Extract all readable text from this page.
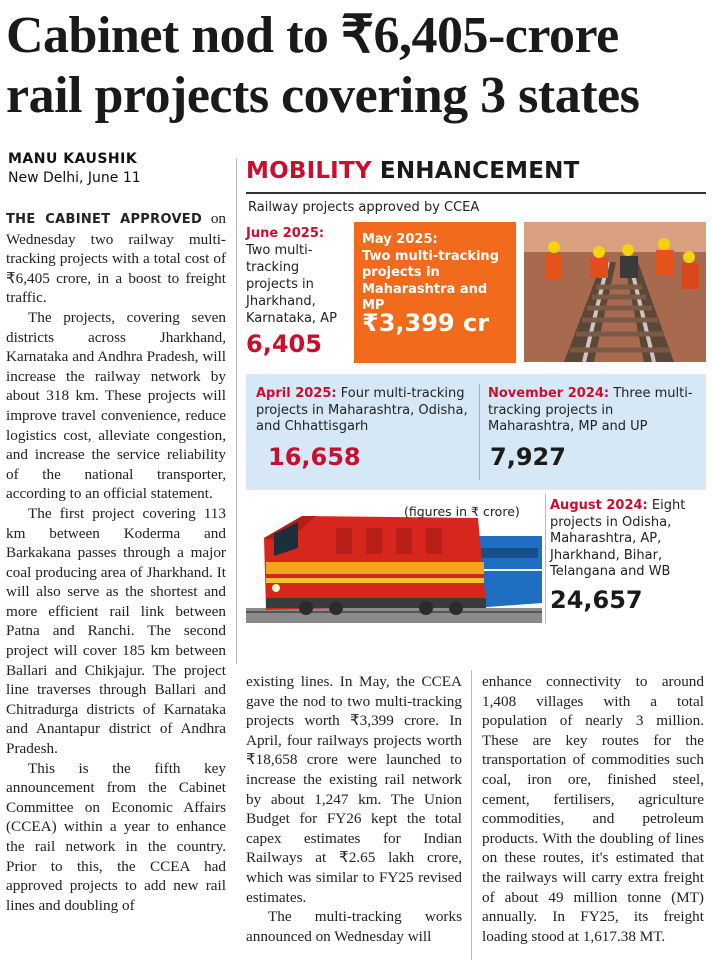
Cabinet nod to ₹6,405-crore
rail projects covering 3 states
MANU KAUSHIK
New Delhi, June 11

THE CABINET APPROVED on Wednesday two railway multi-tracking projects with a total cost of ₹6,405 crore, in a boost to freight traffic.

The projects, covering seven districts across Jharkhand, Karnataka and Andhra Pradesh, will increase the railway network by about 318 km. These projects will improve travel convenience, reduce logistics cost, alleviate congestion, and increase the service reliability of the national transporter, according to an official statement.

The first project covering 113 km between Koderma and Barkakana passes through a major coal producing area of Jharkhand. It will also serve as the shortest and more efficient rail link between Patna and Ranchi. The second project will cover 185 km between Ballari and Chikjajur. The project line traverses through Ballari and Chitradurga districts of Karnataka and Anantapur district of Andhra Pradesh.

This is the fifth key announcement from the Cabinet Committee on Economic Affairs (CCEA) within a year to enhance the rail network in the country. Prior to this, the CCEA had approved projects to add new rail lines and doubling of

existing lines. In May, the CCEA gave the nod to two multi-tracking projects worth ₹3,399 crore. In April, four railways projects worth ₹18,658 crore were launched to increase the existing rail network by about 1,247 km. The Union Budget for FY26 kept the total capex estimates for Indian Railways at ₹2.65 lakh crore, which was similar to FY25 revised estimates.

The multi-tracking works announced on Wednesday will

enhance connectivity to around 1,408 villages with a total population of nearly 3 million. These are key routes for the transportation of commodities such coal, iron ore, finished steel, cement, fertilisers, agriculture commodities, and petroleum products. With the doubling of lines on these routes, it's estimated that the railways will carry extra freight of about 49 million tonne (MT) annually. In FY25, its freight loading stood at 1,617.38 MT.

MOBILITY ENHANCEMENT
Railway projects approved by CCEA
June 2025: Two multi-tracking projects in Jharkhand, Karnataka, AP
6,405
May 2025:
Two multi-tracking projects in Maharashtra and MP
₹3,399 cr
April 2025: Four multi-tracking projects in Maharashtra, Odisha, and Chhattisgarh
16,658
November 2024: Three multi-tracking projects in Maharashtra, MP and UP
7,927
(figures in ₹ crore) August 2024: Eight projects in Odisha, Maharashtra, AP, Jharkhand, Bihar, Telangana and WB
24,657
